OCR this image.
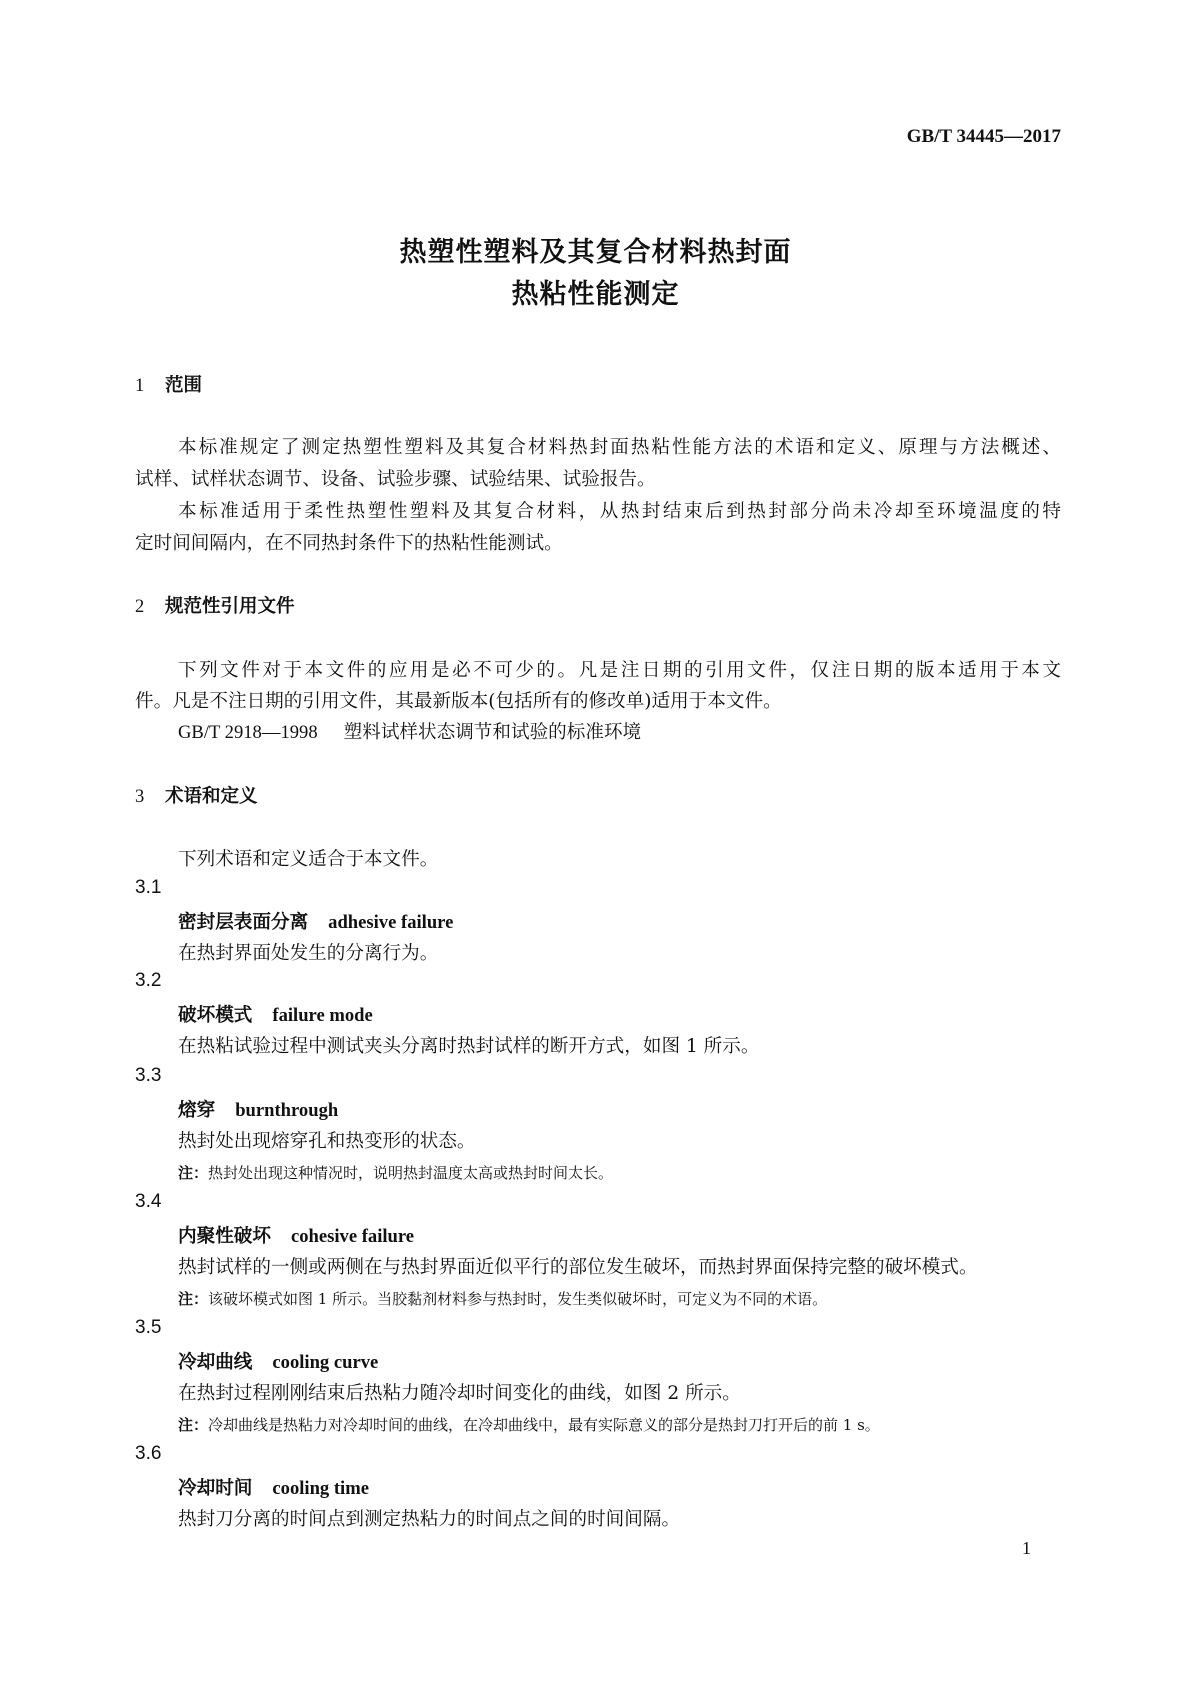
GB/T 34445—2017
热塑性塑料及其复合材料热封面
热粘性能测定
1 范围
本标准规定了测定热塑性塑料及其复合材料热封面热粘性能方法的术语和定义、原理与方法概述、
试样、试样状态调节、设备、试验步骤、试验结果、试验报告。
本标准适用于柔性热塑性塑料及其复合材料，从热封结束后到热封部分尚未冷却至环境温度的特
定时间间隔内，在不同热封条件下的热粘性能测试。
2 规范性引用文件
下列文件对于本文件的应用是必不可少的。凡是注日期的引用文件，仅注日期的版本适用于本文
件。凡是不注日期的引用文件，其最新版本(包括所有的修改单)适用于本文件。
GB/T 2918—1998 塑料试样状态调节和试验的标准环境
3 术语和定义
下列术语和定义适合于本文件。
3.1
密封层表面分离 adhesive failure
在热封界面处发生的分离行为。
3.2
破坏模式 failure mode
在热粘试验过程中测试夹头分离时热封试样的断开方式，如图 1 所示。
3.3
熔穿 burnthrough
热封处出现熔穿孔和热变形的状态。
注：热封处出现这种情况时，说明热封温度太高或热封时间太长。
3.4
内聚性破坏 cohesive failure
热封试样的一侧或两侧在与热封界面近似平行的部位发生破坏，而热封界面保持完整的破坏模式。
注：该破坏模式如图 1 所示。当胶黏剂材料参与热封时，发生类似破坏时，可定义为不同的术语。
3.5
冷却曲线 cooling curve
在热封过程刚刚结束后热粘力随冷却时间变化的曲线，如图 2 所示。
注：冷却曲线是热粘力对冷却时间的曲线，在冷却曲线中，最有实际意义的部分是热封刀打开后的前 1 s。
3.6
冷却时间 cooling time
热封刀分离的时间点到测定热粘力的时间点之间的时间间隔。
1
